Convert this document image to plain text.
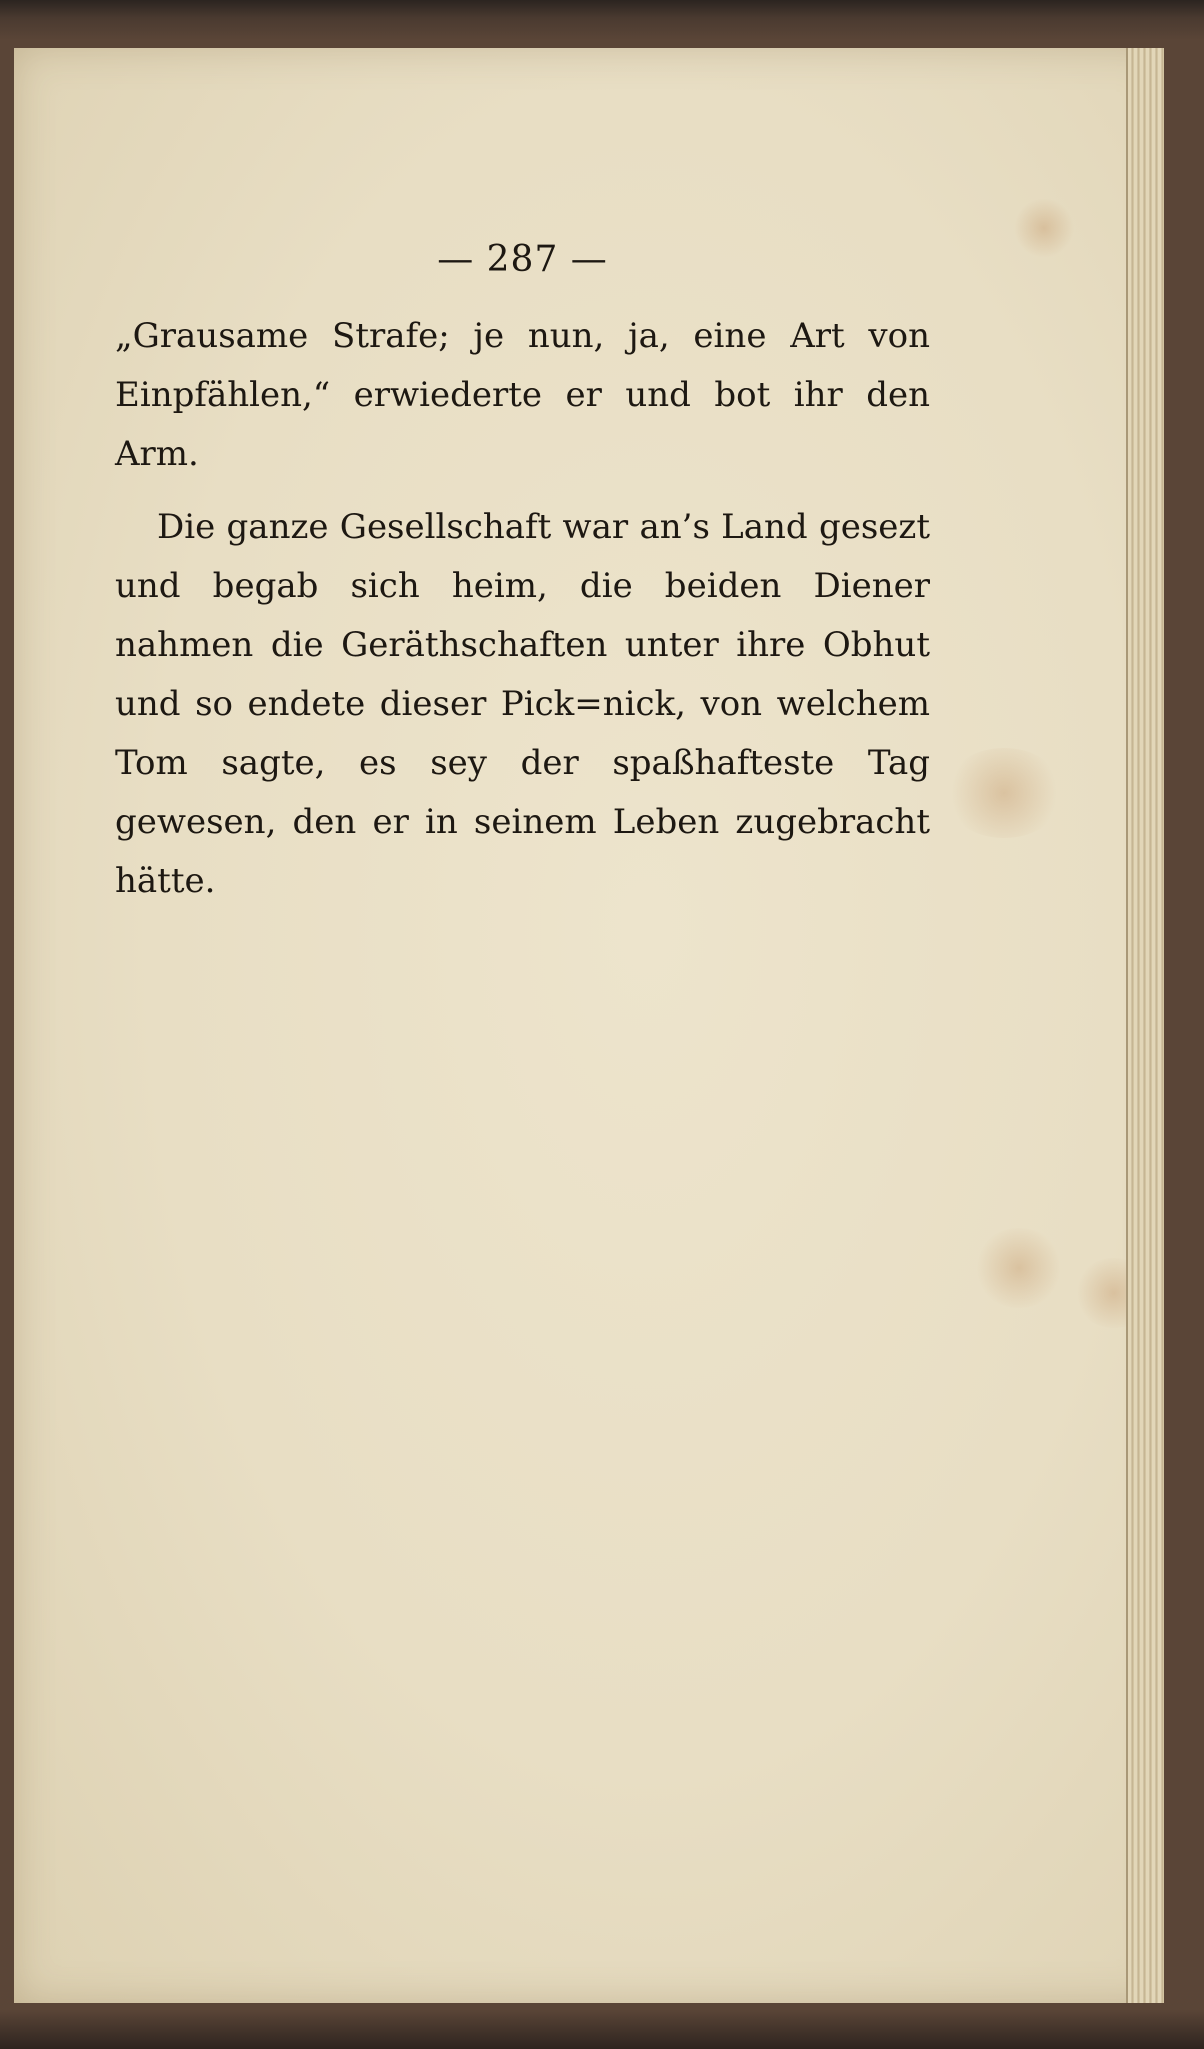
— 287 —

„Grausame Strafe; je nun, ja, eine Art von Einpfählen,“ erwiederte er und bot ihr den Arm.

Die ganze Gesellschaft war an’s Land gesezt und begab sich heim, die beiden Diener nahmen die Geräthschaften unter ihre Obhut und so endete dieser Pick=nick, von welchem Tom sagte, es sey der spaßhafteste Tag gewesen, den er in seinem Leben zugebracht hätte.
